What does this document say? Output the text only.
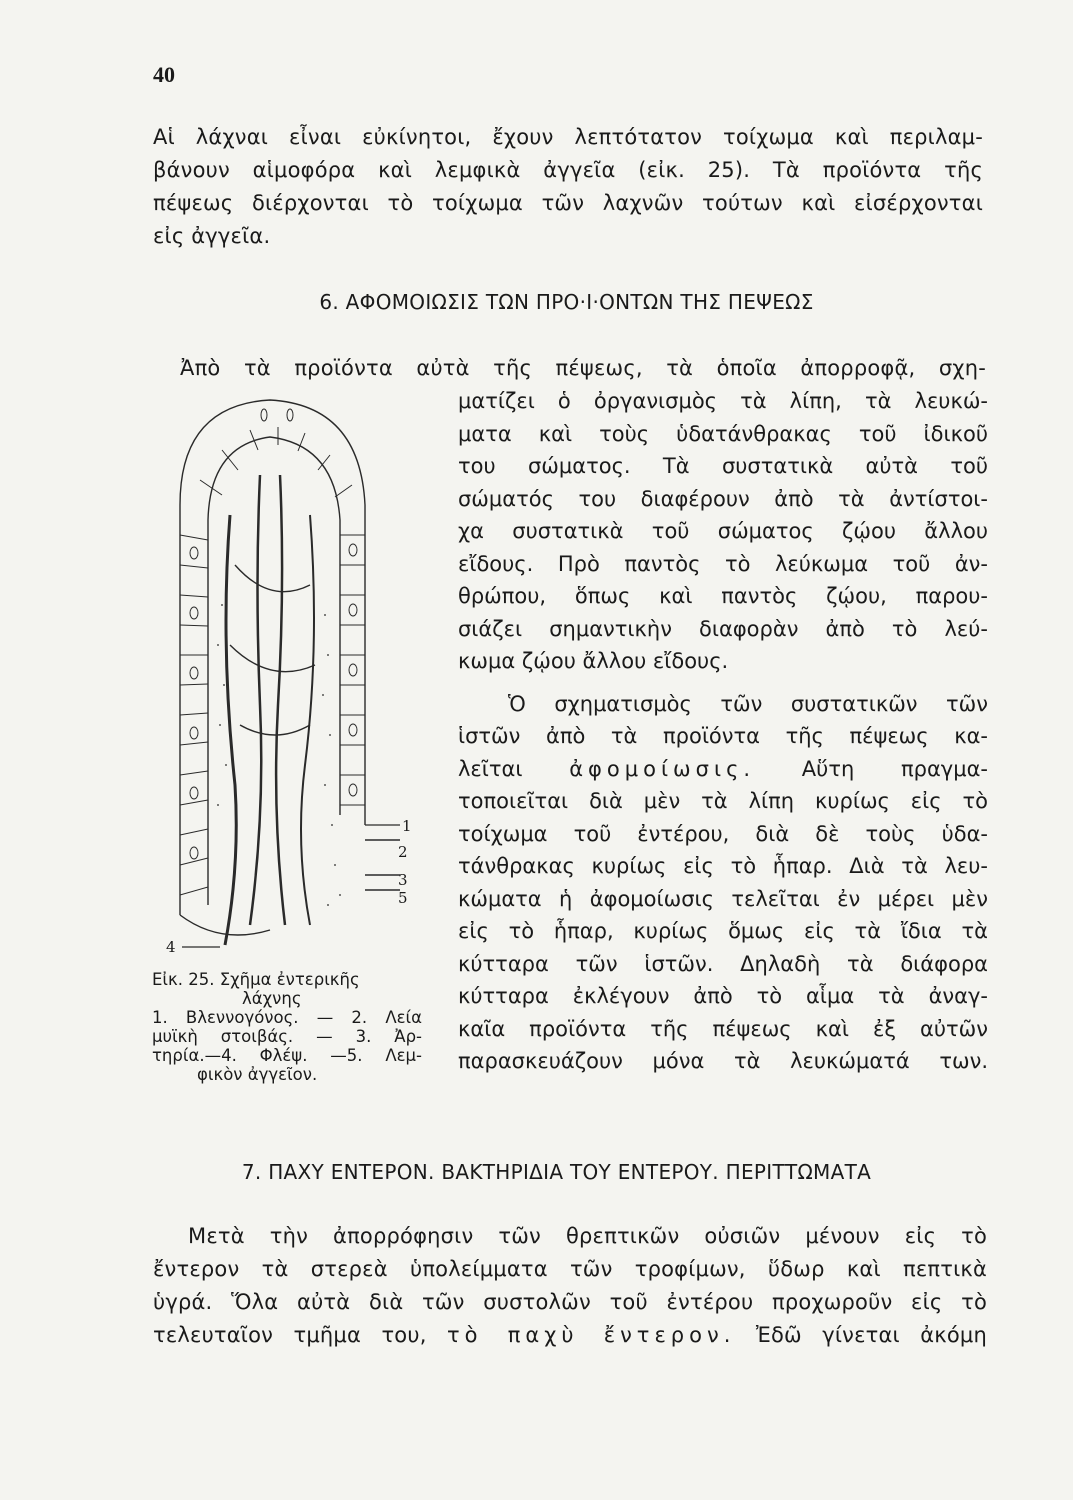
40
Αἱ λάχναι εἶναι εὐκίνητοι, ἔχουν λεπτότατον τοίχωμα καὶ περιλαμ-
βάνουν αἱμοφόρα καὶ λεμφικὰ ἀγγεῖα (εἰκ. 25). Τὰ προϊόντα τῆς
πέψεως διέρχονται τὸ τοίχωμα τῶν λαχνῶν τούτων καὶ εἰσέρχονται
εἰς ἀγγεῖα.
6. ΑΦΟΜΟΙΩΣΙΣ ΤΩΝ ΠΡΟ·Ι·ΟΝΤΩΝ ΤΗΣ ΠΕΨΕΩΣ
Ἀπὸ τὰ προϊόντα αὐτὰ τῆς πέψεως, τὰ ὁποῖα ἀπορροφᾷ, σχη-
ματίζει ὁ ὀργανισμὸς τὰ λίπη, τὰ λευκώ-
ματα καὶ τοὺς ὑδατάνθρακας τοῦ ἰδικοῦ
του σώματος. Τὰ συστατικὰ αὐτὰ τοῦ
σώματός του διαφέρουν ἀπὸ τὰ ἀντίστοι-
χα συστατικὰ τοῦ σώματος ζῴου ἄλλου
εἴδους. Πρὸ παντὸς τὸ λεύκωμα τοῦ ἀν-
θρώπου, ὅπως καὶ παντὸς ζῴου, παρου-
σιάζει σημαντικὴν διαφορὰν ἀπὸ τὸ λεύ-
κωμα ζῴου ἄλλου εἴδους.
Ὁ σχηματισμὸς τῶν συστατικῶν τῶν
ἱστῶν ἀπὸ τὰ προϊόντα τῆς πέψεως κα-
λεῖται ἀφομοίωσις. Αὕτη πραγμα-
τοποιεῖται διὰ μὲν τὰ λίπη κυρίως εἰς τὸ
τοίχωμα τοῦ ἐντέρου, διὰ δὲ τοὺς ὑδα-
τάνθρακας κυρίως εἰς τὸ ἧπαρ. Διὰ τὰ λευ-
κώματα ἡ ἀφομοίωσις τελεῖται ἐν μέρει μὲν
εἰς τὸ ἧπαρ, κυρίως ὅμως εἰς τὰ ἴδια τὰ
κύτταρα τῶν ἱστῶν. Δηλαδὴ τὰ διάφορα
κύτταρα ἐκλέγουν ἀπὸ τὸ αἷμα τὰ ἀναγ-
καῖα προϊόντα τῆς πέψεως καὶ ἐξ αὐτῶν
παρασκευάζουν μόνα τὰ λευκώματά των.
1
2
3
5
4
Εἰκ. 25. Σχῆμα ἐντερικῆς
λάχνης
1. Βλεννογόνος. — 2. Λεία
μυϊκὴ στοιβάς. — 3. Ἀρ-
τηρία.—4. Φλέψ. —5. Λεμ-
φικὸν ἀγγεῖον.
7. ΠΑΧΥ ΕΝΤΕΡΟΝ. ΒΑΚΤΗΡΙΔΙΑ ΤΟΥ ΕΝΤΕΡΟΥ. ΠΕΡΙΤΤΩΜΑΤΑ
Μετὰ τὴν ἀπορρόφησιν τῶν θρεπτικῶν οὐσιῶν μένουν εἰς τὸ
ἔντερον τὰ στερεὰ ὑπολείμματα τῶν τροφίμων, ὕδωρ καὶ πεπτικὰ
ὑγρά. Ὅλα αὐτὰ διὰ τῶν συστολῶν τοῦ ἐντέρου προχωροῦν εἰς τὸ
τελευταῖον τμῆμα του, τὸ παχὺ ἔντερον. Ἐδῶ γίνεται ἀκόμη
